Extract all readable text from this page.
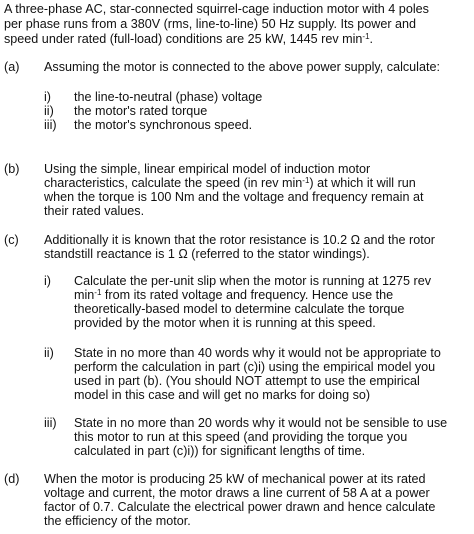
A three-phase AC, star-connected squirrel-cage induction motor with 4 poles
per phase runs from a 380V (rms, line-to-line) 50 Hz supply. Its power and
speed under rated (full-load) conditions are 25 kW, 1445 rev $\min^{-1}$.
(a) Assuming the motor is connected to the above power supply, calculate:
i) the line-to-neutral (phase) voltage
ii) the motor's rated torque
iii) the motor's synchronous speed.
(b) Using the simple, linear empirical model of induction motor
characteristics, calculate the speed (in rev $\min^{-1}$) at which it will run
when the torque is 100 Nm and the voltage and frequency remain at
their rated values.
(c) Additionally it is known that the rotor resistance is 10.2 Ω and the rotor
standstill reactance is 1 Ω (referred to the stator windings).
i) Calculate the per-unit slip when the motor is running at 1275 rev
$\min^{-1}$ from its rated voltage and frequency. Hence use the
theoretically-based model to determine calculate the torque
provided by the motor when it is running at this speed.
ii) State in no more than 40 words why it would not be appropriate to
perform the calculation in part (c)i) using the empirical model you
used in part (b). (You should NOT attempt to use the empirical
model in this case and will get no marks for doing so)
iii) State in no more than 20 words why it would not be sensible to use
this motor to run at this speed (and providing the torque you
calculated in part (c)i)) for significant lengths of time.
(d) When the motor is producing 25 kW of mechanical power at its rated
voltage and current, the motor draws a line current of 58 A at a power
factor of 0.7. Calculate the electrical power drawn and hence calculate
the efficiency of the motor.
